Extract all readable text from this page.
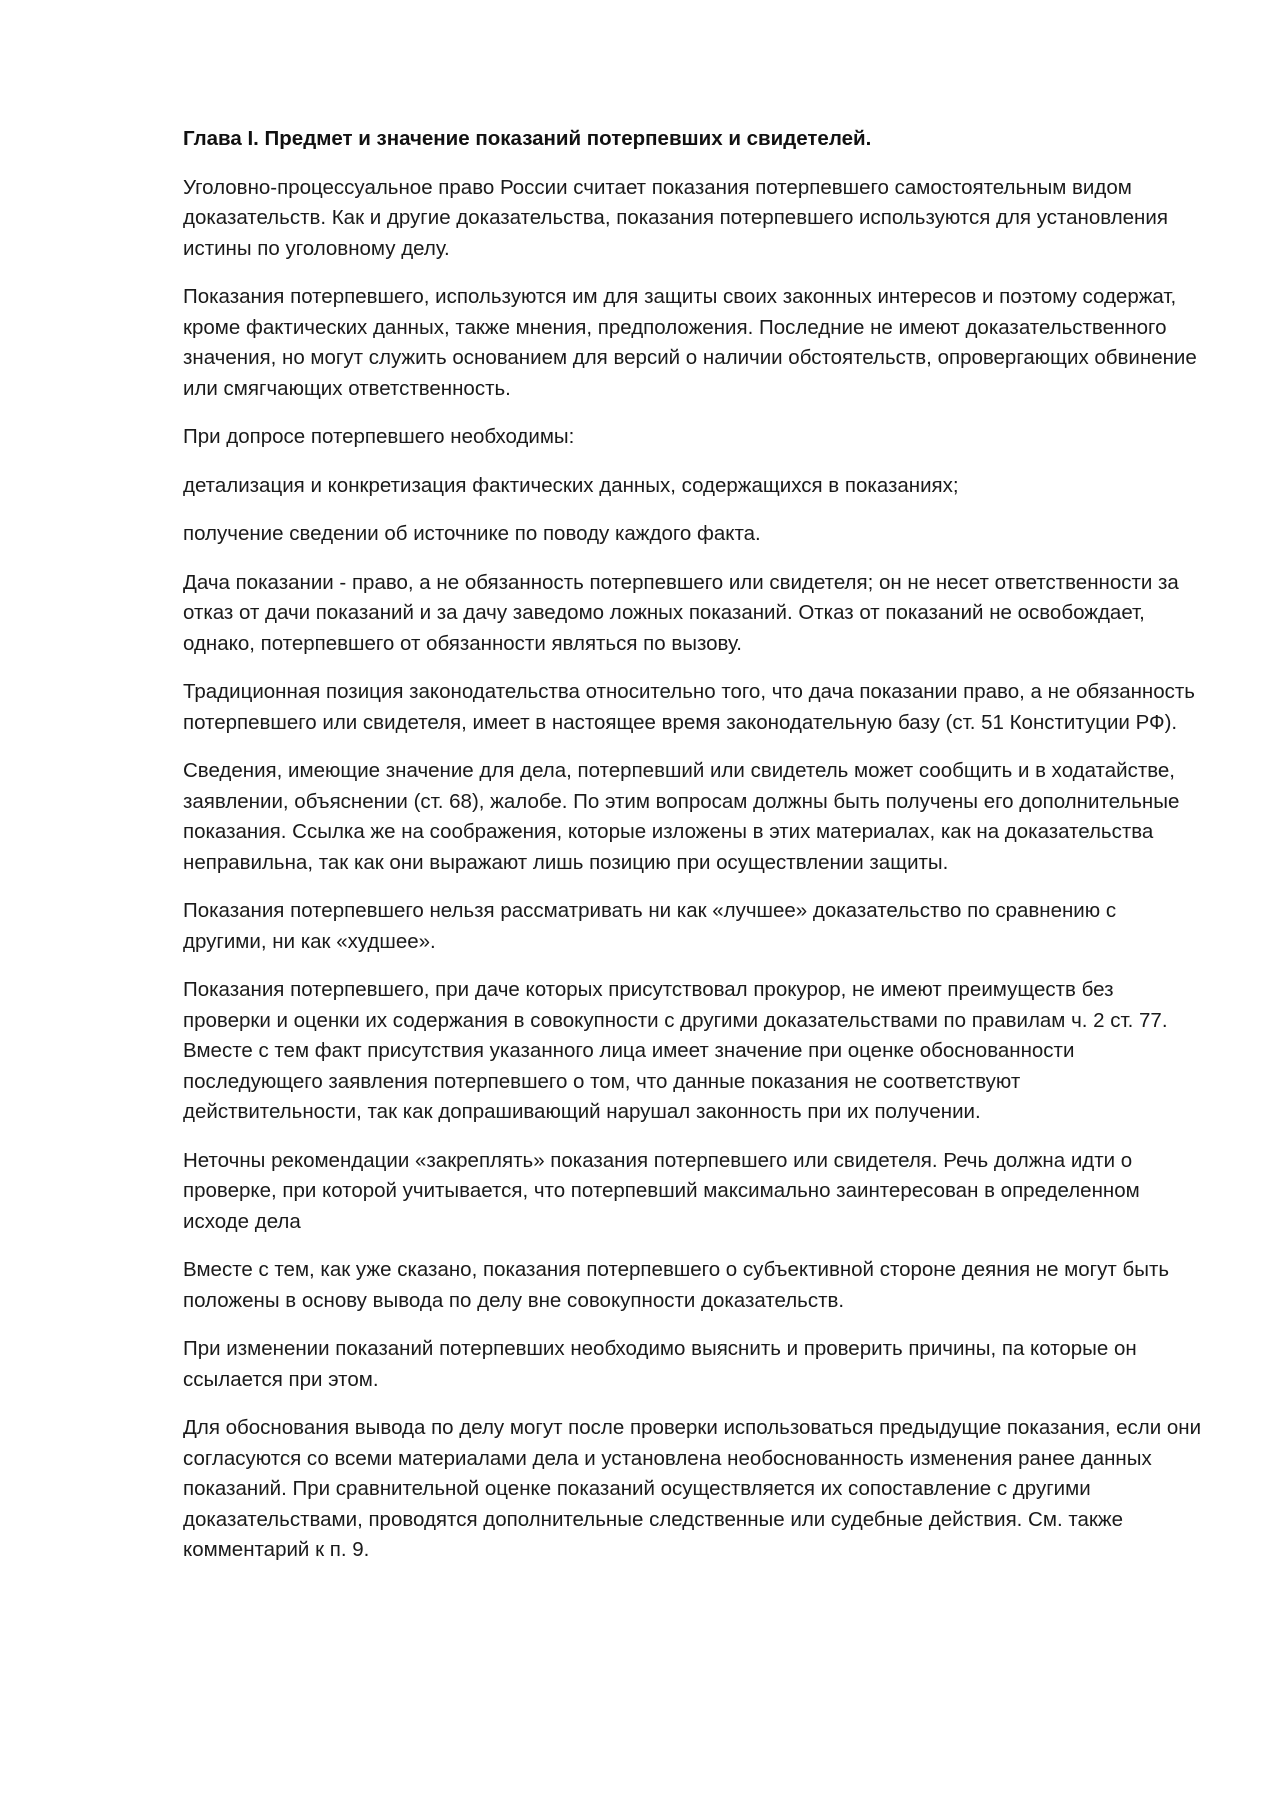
Глава I. Предмет и значение показаний потерпевших и свидетелей.

Уголовно-процессуальное право России считает показания потерпевшего самостоятельным видом доказательств. Как и другие доказательства, показания потерпевшего используются для установления истины по уголовному делу.

Показания потерпевшего, используются им для защиты своих законных интересов и поэтому содержат, кроме фактических данных, также мнения, предположения. Последние не имеют доказательственного значения, но могут служить основанием для версий о наличии обстоятельств, опровергающих обвинение или смягчающих ответственность.

При допросе потерпевшего необходимы:

детализация и конкретизация фактических данных, содержащихся в показаниях;

получение сведении об источнике по поводу каждого факта.

Дача показании - право, а не обязанность потерпевшего или свидетеля; он не несет ответственности за отказ от дачи показаний и за дачу заведомо ложных показаний. Отказ от показаний не освобождает, однако, потерпевшего от обязанности являться по вызову.

Традиционная позиция законодательства относительно того, что дача показании право, а не обязанность потерпевшего или свидетеля, имеет в настоящее время законодательную базу (ст. 51 Конституции РФ).

Сведения, имеющие значение для дела, потерпевший или свидетель может сообщить и в ходатайстве, заявлении, объяснении (ст. 68), жалобе. По этим вопросам должны быть получены его дополнительные показания. Ссылка же на соображения, которые изложены в этих материалах, как на доказательства неправильна, так как они выражают лишь позицию при осуществлении защиты.

Показания потерпевшего нельзя рассматривать ни как «лучшее» доказательство по сравнению с другими, ни как «худшее».

Показания потерпевшего, при даче которых присутствовал прокурор, не имеют преимуществ без проверки и оценки их содержания в совокупности с другими доказательствами по правилам ч. 2 ст. 77. Вместе с тем факт присутствия указанного лица имеет значение при оценке обоснованности последующего заявления потерпевшего о том, что данные показания не соответствуют действительности, так как допрашивающий нарушал законность при их получении.

Неточны рекомендации «закреплять» показания потерпевшего или свидетеля. Речь должна идти о проверке, при которой учитывается, что потерпевший максимально заинтересован в определенном исходе дела

Вместе с тем, как уже сказано, показания потерпевшего о субъективной стороне деяния не могут быть положены в основу вывода по делу вне совокупности доказательств.

При изменении показаний потерпевших необходимо выяснить и проверить причины, па которые он ссылается при этом.

Для обоснования вывода по делу могут после проверки использоваться предыдущие показания, если они согласуются со всеми материалами дела и установлена необоснованность изменения ранее данных показаний. При сравнительной оценке показаний осуществляется их сопоставление с другими доказательствами, проводятся дополнительные следственные или судебные действия. См. также комментарий к п. 9.
